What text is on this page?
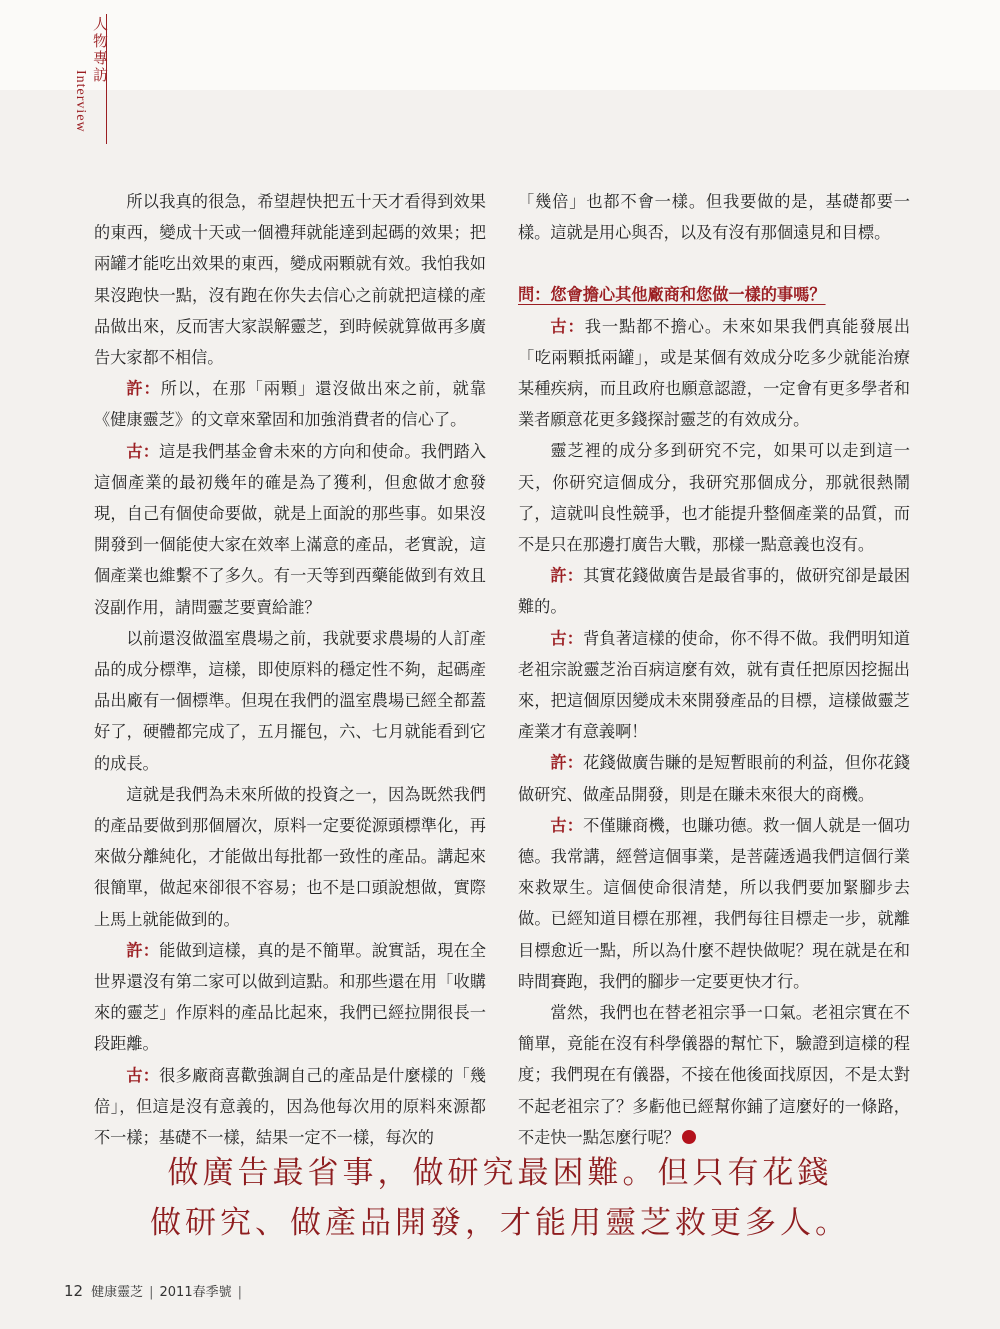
人物專訪
Interview

所以我真的很急，希望趕快把五十天才看得到效果的東西，變成十天或一個禮拜就能達到起碼的效果；把兩罐才能吃出效果的東西，變成兩顆就有效。我怕我如果沒跑快一點，沒有跑在你失去信心之前就把這樣的產品做出來，反而害大家誤解靈芝，到時候就算做再多廣告大家都不相信。

許：所以，在那「兩顆」還沒做出來之前，就靠《健康靈芝》的文章來鞏固和加強消費者的信心了。

古：這是我們基金會未來的方向和使命。我們踏入這個產業的最初幾年的確是為了獲利，但愈做才愈發現，自己有個使命要做，就是上面說的那些事。如果沒開發到一個能使大家在效率上滿意的產品，老實說，這個產業也維繫不了多久。有一天等到西藥能做到有效且沒副作用，請問靈芝要賣給誰？

以前還沒做溫室農場之前，我就要求農場的人訂產品的成分標準，這樣，即使原料的穩定性不夠，起碼產品出廠有一個標準。但現在我們的溫室農場已經全都蓋好了，硬體都完成了，五月擺包，六、七月就能看到它的成長。

這就是我們為未來所做的投資之一，因為既然我們的產品要做到那個層次，原料一定要從源頭標準化，再來做分離純化，才能做出每批都一致性的產品。講起來很簡單，做起來卻很不容易；也不是口頭說想做，實際上馬上就能做到的。

許：能做到這樣，真的是不簡單。說實話，現在全世界還沒有第二家可以做到這點。和那些還在用「收購來的靈芝」作原料的產品比起來，我們已經拉開很長一段距離。

古：很多廠商喜歡強調自己的產品是什麼樣的「幾倍」，但這是沒有意義的，因為他每次用的原料來源都不一樣；基礎不一樣，結果一定不一樣，每次的

「幾倍」也都不會一樣。但我要做的是，基礎都要一樣。這就是用心與否，以及有沒有那個遠見和目標。

問：您會擔心其他廠商和您做一樣的事嗎？

古：我一點都不擔心。未來如果我們真能發展出「吃兩顆抵兩罐」，或是某個有效成分吃多少就能治療某種疾病，而且政府也願意認證，一定會有更多學者和業者願意花更多錢探討靈芝的有效成分。

靈芝裡的成分多到研究不完，如果可以走到這一天，你研究這個成分，我研究那個成分，那就很熱鬧了，這就叫良性競爭，也才能提升整個產業的品質，而不是只在那邊打廣告大戰，那樣一點意義也沒有。

許：其實花錢做廣告是最省事的，做研究卻是最困難的。

古：背負著這樣的使命，你不得不做。我們明知道老祖宗說靈芝治百病這麼有效，就有責任把原因挖掘出來，把這個原因變成未來開發產品的目標，這樣做靈芝產業才有意義啊！

許：花錢做廣告賺的是短暫眼前的利益，但你花錢做研究、做產品開發，則是在賺未來很大的商機。

古：不僅賺商機，也賺功德。救一個人就是一個功德。我常講，經營這個事業，是菩薩透過我們這個行業來救眾生。這個使命很清楚，所以我們要加緊腳步去做。已經知道目標在那裡，我們每往目標走一步，就離目標愈近一點，所以為什麼不趕快做呢？現在就是在和時間賽跑，我們的腳步一定要更快才行。

當然，我們也在替老祖宗爭一口氣。老祖宗實在不簡單，竟能在沒有科學儀器的幫忙下，驗證到這樣的程度；我們現在有儀器，不接在他後面找原因，不是太對不起老祖宗了？多虧他已經幫你鋪了這麼好的一條路，不走快一點怎麼行呢？

做廣告最省事，做研究最困難。但只有花錢
做研究、做產品開發，才能用靈芝救更多人。
12 健康靈芝 | 2011春季號 |
